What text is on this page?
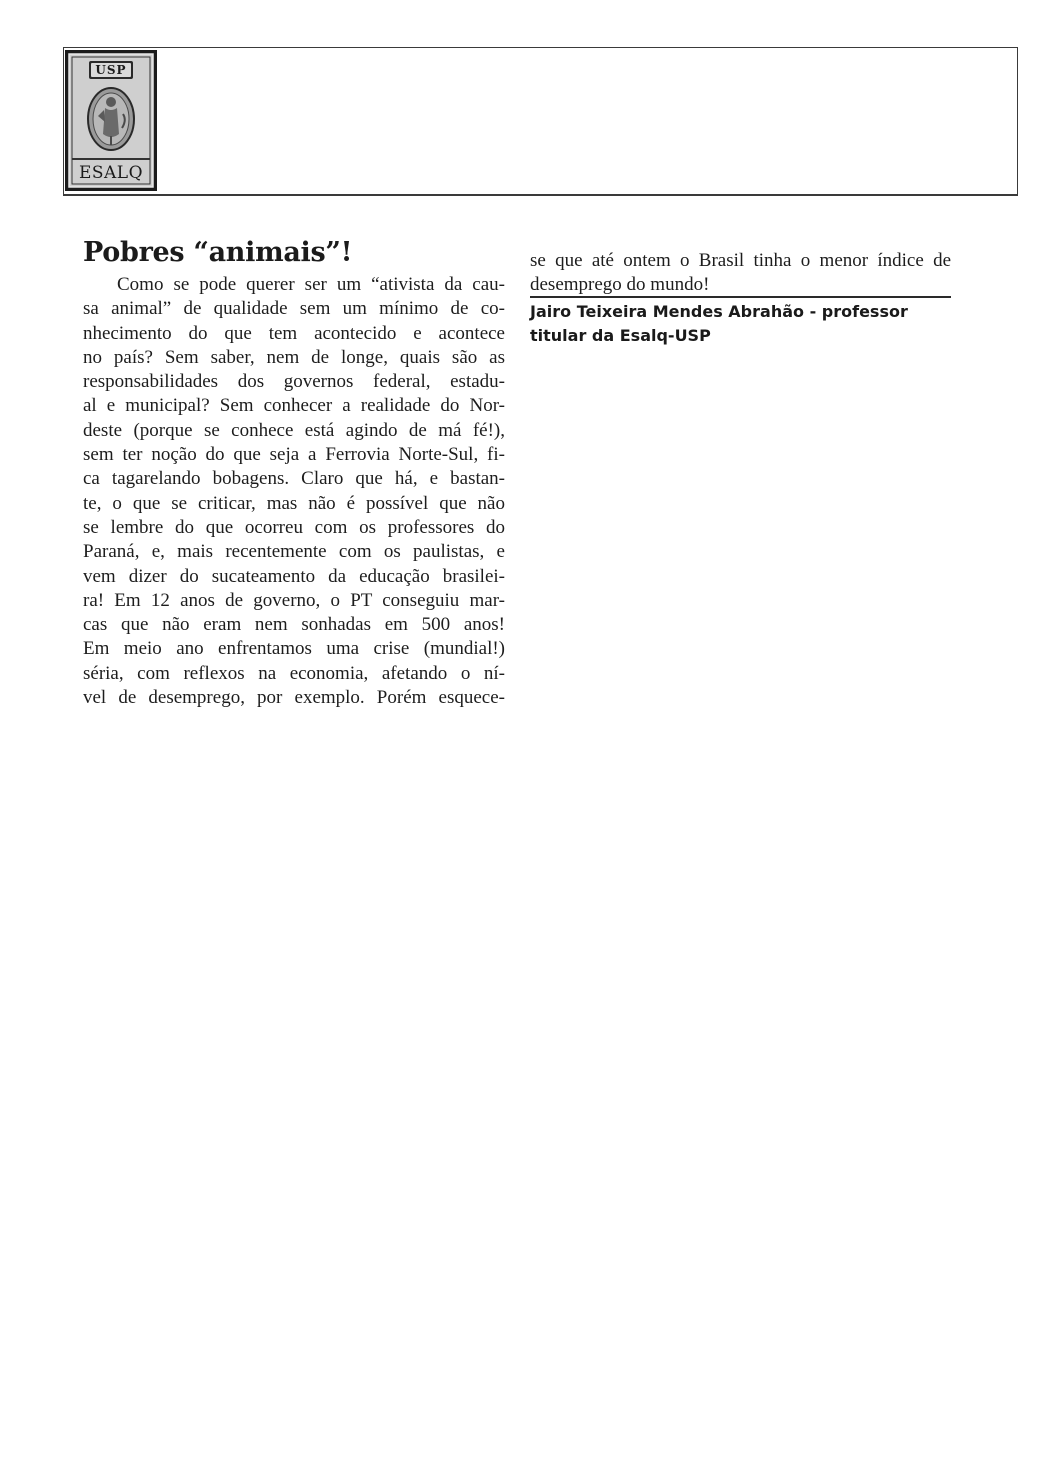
USP
ESALQ
Pobres “animais”!
Como se pode querer ser um “ativista da cau-
sa animal” de qualidade sem um mínimo de co-
nhecimento do que tem acontecido e acontece
no país? Sem saber, nem de longe, quais são as
responsabilidades dos governos federal, estadu-
al e municipal? Sem conhecer a realidade do Nor-
deste (porque se conhece está agindo de má fé!),
sem ter noção do que seja a Ferrovia Norte-Sul, fi-
ca tagarelando bobagens. Claro que há, e bastan-
te, o que se criticar, mas não é possível que não
se lembre do que ocorreu com os professores do
Paraná, e, mais recentemente com os paulistas, e
vem dizer do sucateamento da educação brasilei-
ra! Em 12 anos de governo, o PT conseguiu mar-
cas que não eram nem sonhadas em 500 anos!
Em meio ano enfrentamos uma crise (mundial!)
séria, com reflexos na economia, afetando o ní-
vel de desemprego, por exemplo. Porém esquece-
se que até ontem o Brasil tinha o menor índice de
desemprego do mundo!
Jairo Teixeira Mendes Abrahão - professor
titular da Esalq-USP
